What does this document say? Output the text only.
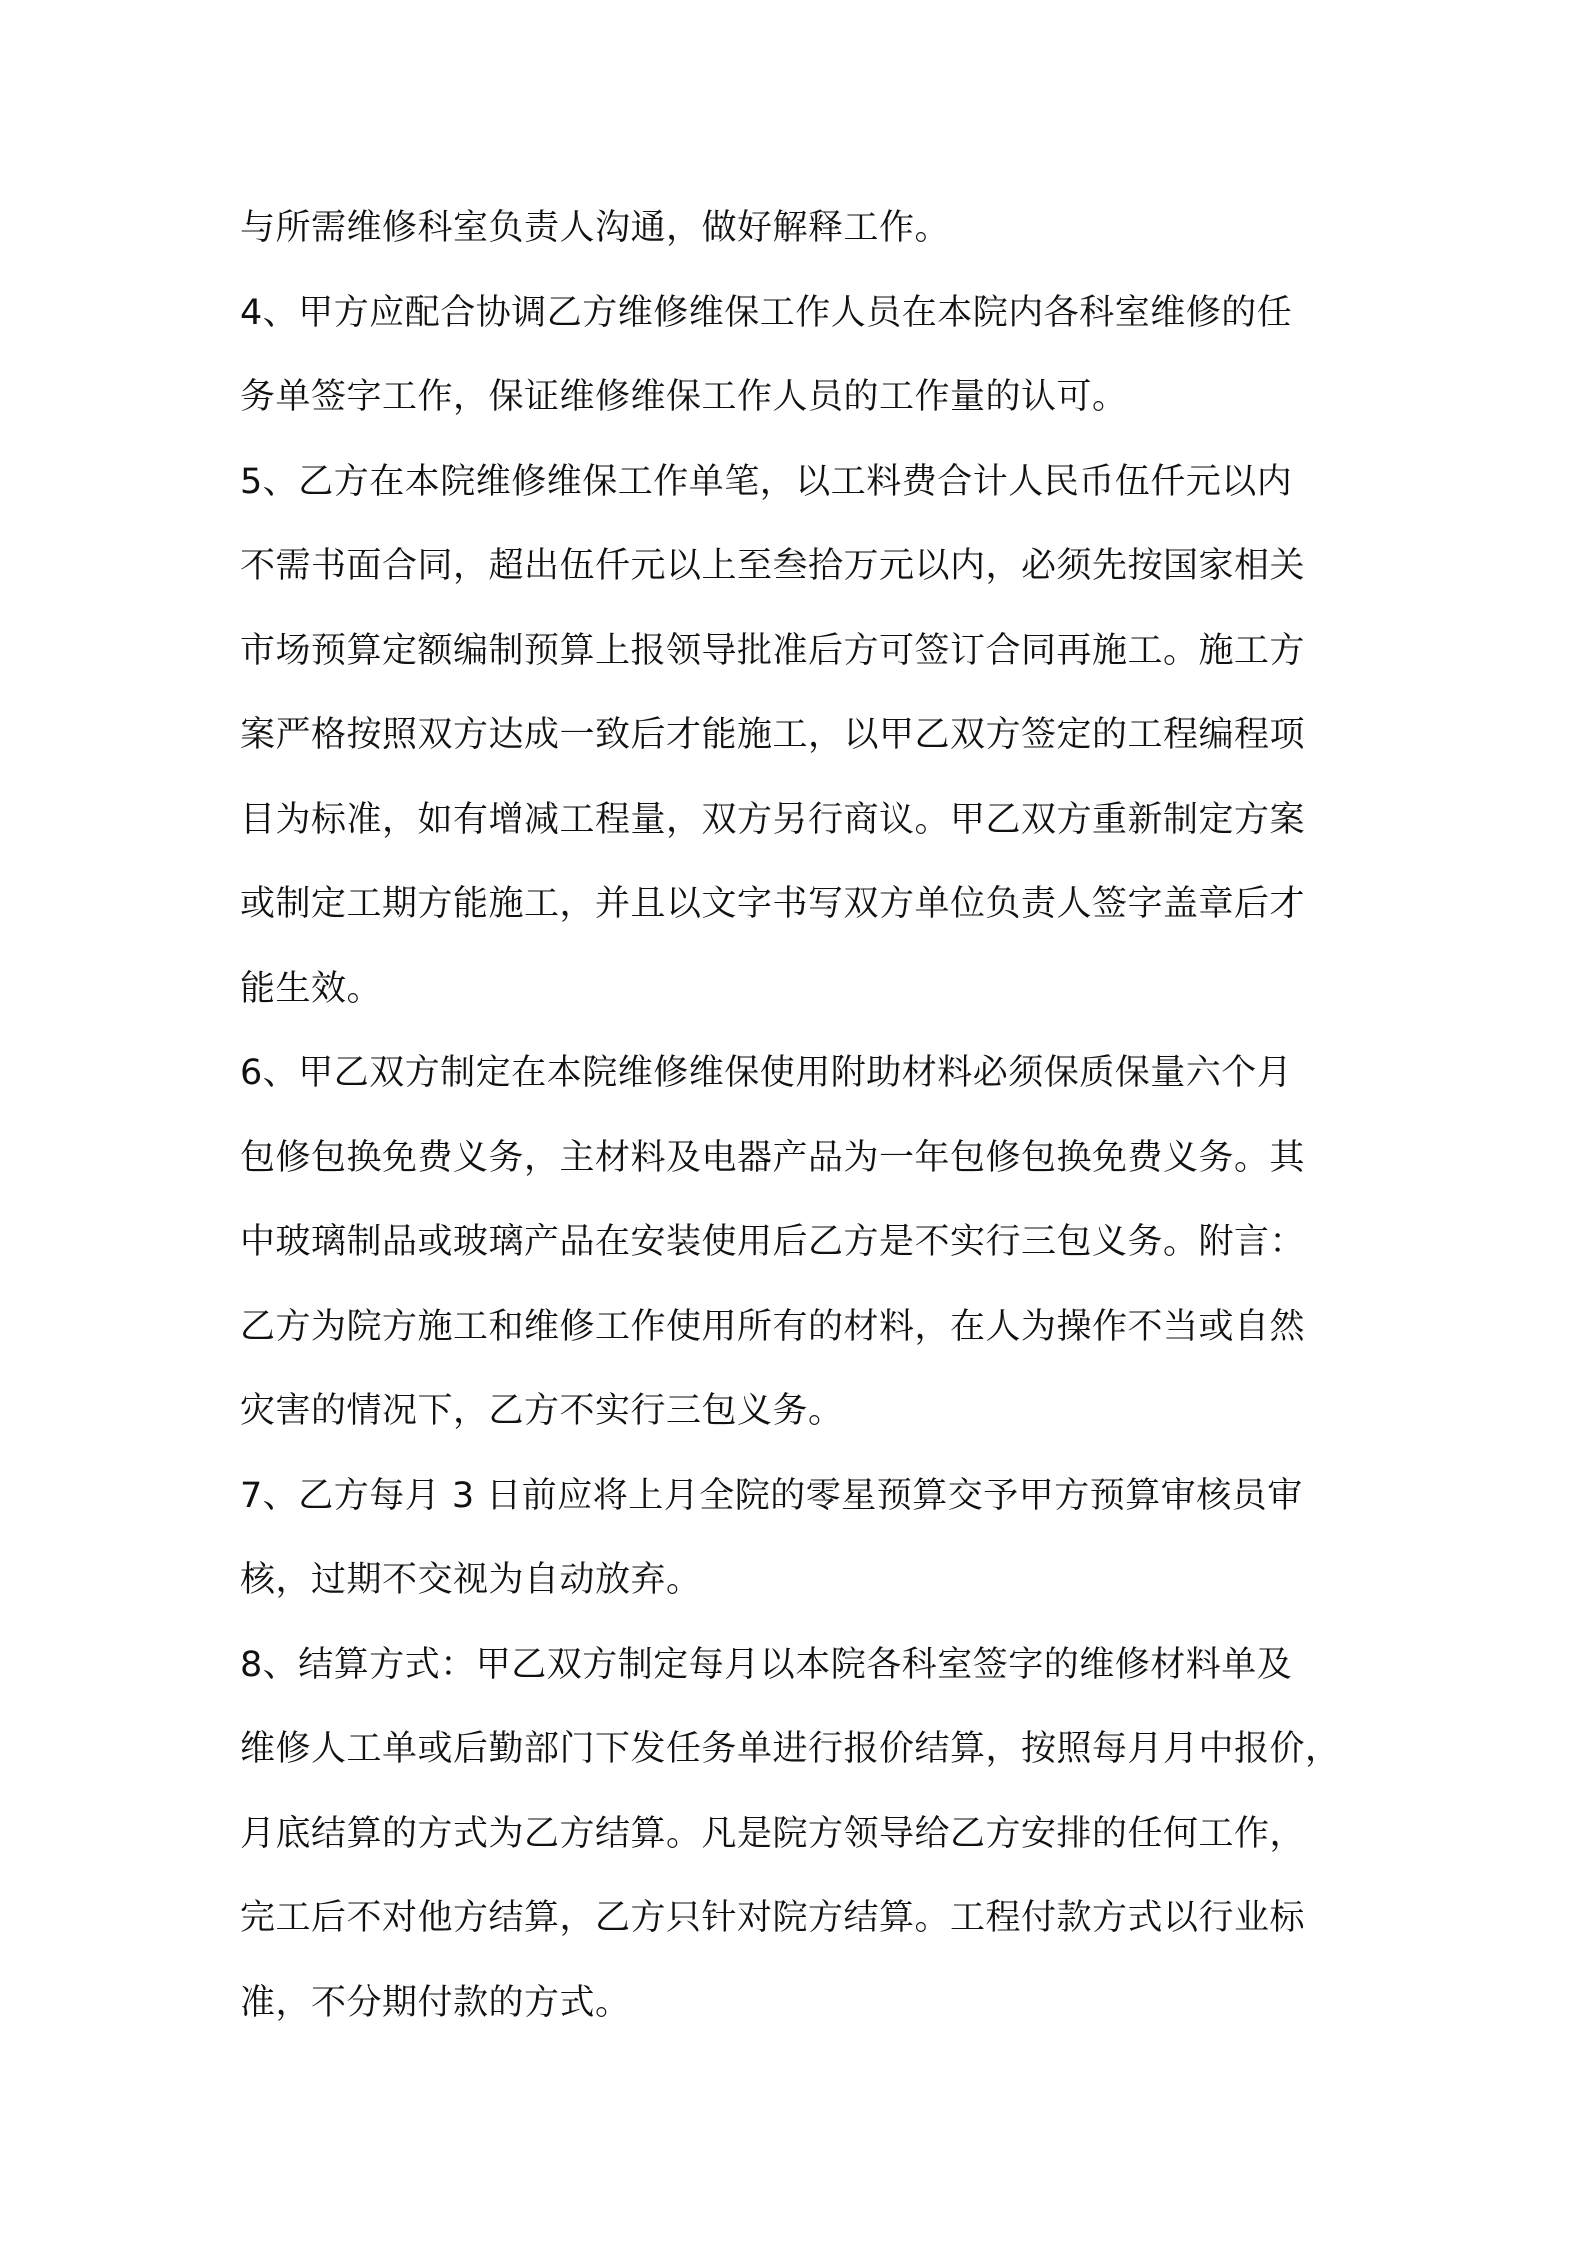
与所需维修科室负责人沟通，做好解释工作。
4、甲方应配合协调乙方维修维保工作人员在本院内各科室维修的任
务单签字工作，保证维修维保工作人员的工作量的认可。
5、乙方在本院维修维保工作单笔，以工料费合计人民币伍仟元以内
不需书面合同，超出伍仟元以上至叁拾万元以内，必须先按国家相关
市场预算定额编制预算上报领导批准后方可签订合同再施工。施工方
案严格按照双方达成一致后才能施工，以甲乙双方签定的工程编程项
目为标准，如有增减工程量，双方另行商议。甲乙双方重新制定方案
或制定工期方能施工，并且以文字书写双方单位负责人签字盖章后才
能生效。
6、甲乙双方制定在本院维修维保使用附助材料必须保质保量六个月
包修包换免费义务，主材料及电器产品为一年包修包换免费义务。其
中玻璃制品或玻璃产品在安装使用后乙方是不实行三包义务。附言：
乙方为院方施工和维修工作使用所有的材料，在人为操作不当或自然
灾害的情况下，乙方不实行三包义务。
7、乙方每月 3 日前应将上月全院的零星预算交予甲方预算审核员审
核，过期不交视为自动放弃。
8、结算方式：甲乙双方制定每月以本院各科室签字的维修材料单及
维修人工单或后勤部门下发任务单进行报价结算，按照每月月中报价，
月底结算的方式为乙方结算。凡是院方领导给乙方安排的任何工作，
完工后不对他方结算，乙方只针对院方结算。工程付款方式以行业标
准，不分期付款的方式。
